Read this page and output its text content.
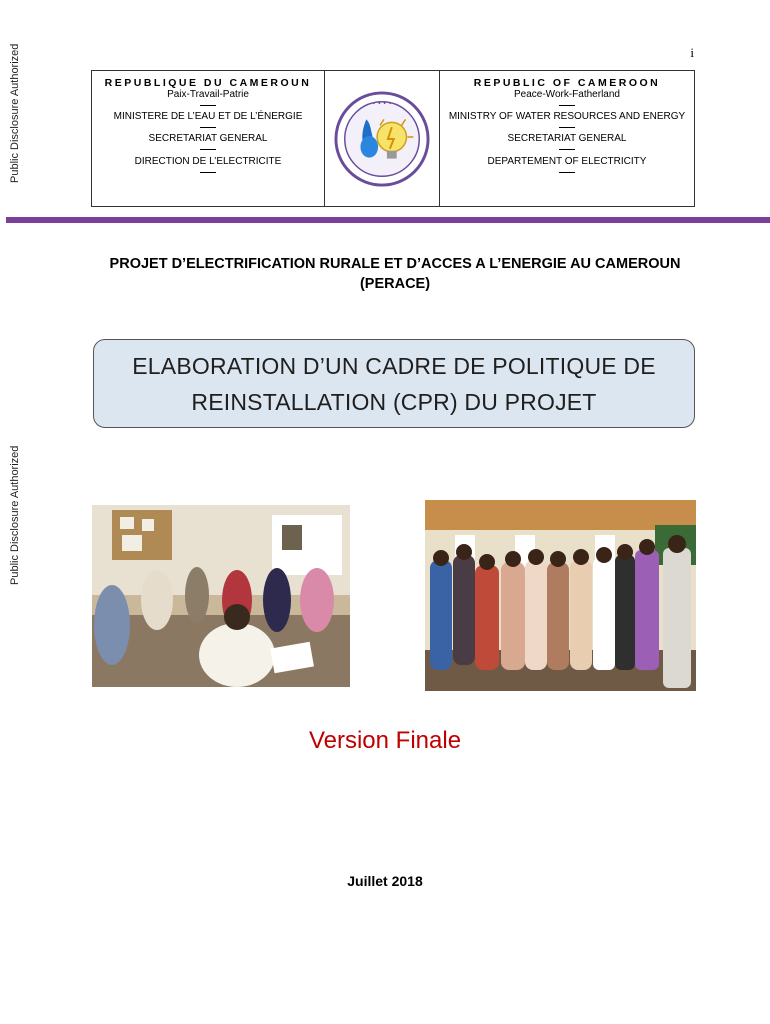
Public Disclosure Authorized
Public Disclosure Authorized
i
REPUBLIQUE DU CAMEROUN
Paix-Travail-Patrie
MINISTERE DE L’EAU ET DE L’ÉNERGIE
SECRETARIAT GENERAL
DIRECTION DE L’ELECTRICITE
• • • •
REPUBLIC OF CAMEROON
Peace-Work-Fatherland
MINISTRY OF WATER RESOURCES AND ENERGY
SECRETARIAT GENERAL
DEPARTEMENT OF ELECTRICITY
PROJET D’ELECTRIFICATION RURALE ET D’ACCES A L’ENERGIE AU CAMEROUN
(PERACE)
ELABORATION D’UN CADRE DE POLITIQUE DE
REINSTALLATION (CPR) DU PROJET
Version Finale
Juillet 2018
